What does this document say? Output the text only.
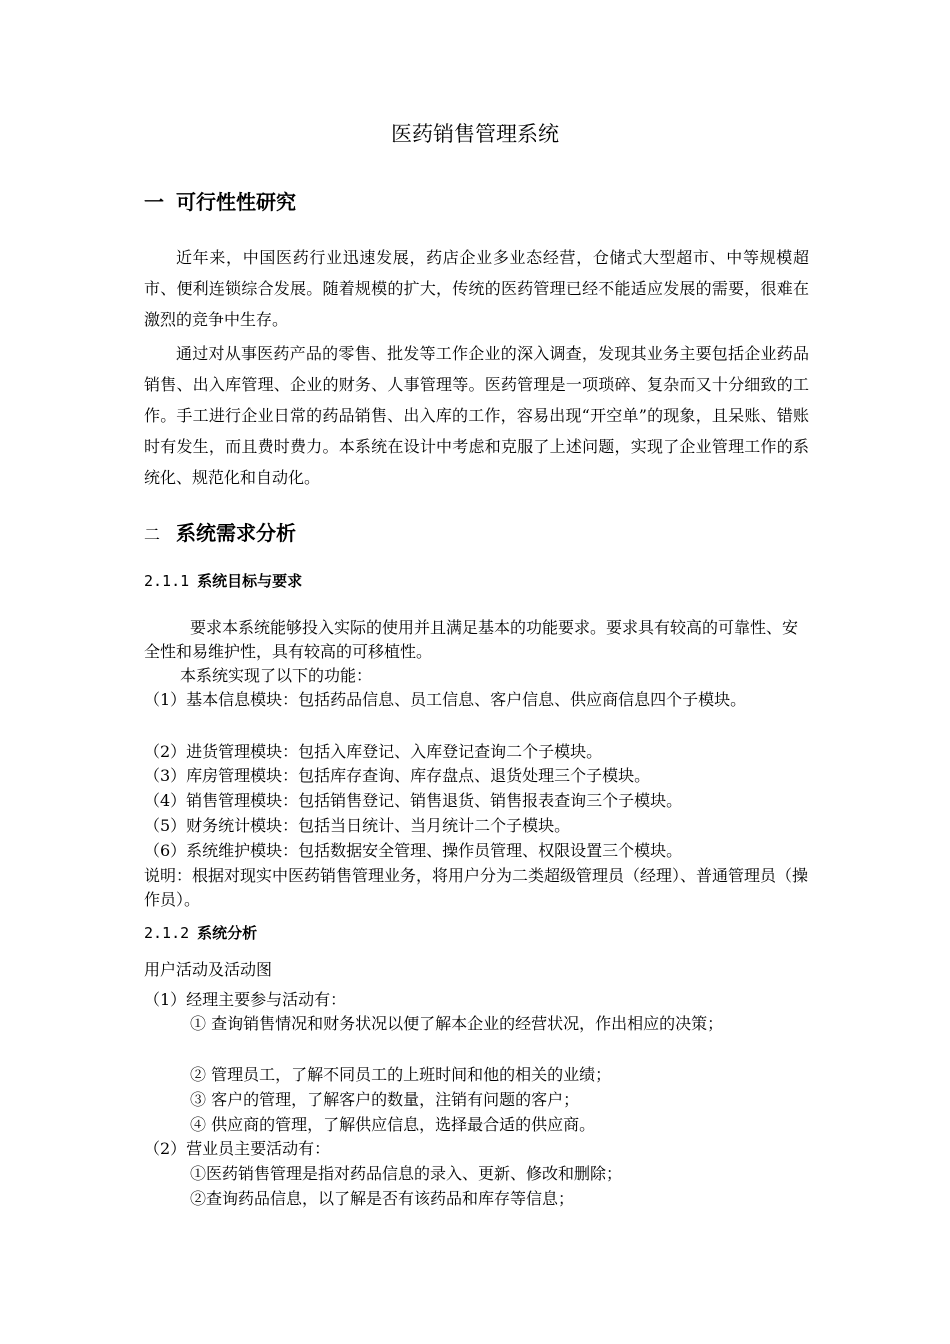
医药销售管理系统
一 可行性性研究
近年来，中国医药行业迅速发展，药店企业多业态经营，仓储式大型超市、中等规模超市、便利连锁综合发展。随着规模的扩大，传统的医药管理已经不能适应发展的需要，很难在激烈的竞争中生存。
通过对从事医药产品的零售、批发等工作企业的深入调查，发现其业务主要包括企业药品销售、出入库管理、企业的财务、人事管理等。医药管理是一项琐碎、复杂而又十分细致的工作。手工进行企业日常的药品销售、出入库的工作，容易出现“开空单”的现象，且呆账、错账时有发生，而且费时费力。本系统在设计中考虑和克服了上述问题，实现了企业管理工作的系统化、规范化和自动化。
二 系统需求分析
2.1.1 系统目标与要求
要求本系统能够投入实际的使用并且满足基本的功能要求。要求具有较高的可靠性、安全性和易维护性，具有较高的可移植性。
本系统实现了以下的功能：
（1）基本信息模块：包括药品信息、员工信息、客户信息、供应商信息四个子模块。
（2）进货管理模块：包括入库登记、入库登记查询二个子模块。
（3）库房管理模块：包括库存查询、库存盘点、退货处理三个子模块。
（4）销售管理模块：包括销售登记、销售退货、销售报表查询三个子模块。
（5）财务统计模块：包括当日统计、当月统计二个子模块。
（6）系统维护模块：包括数据安全管理、操作员管理、权限设置三个模块。
说明：根据对现实中医药销售管理业务，将用户分为二类超级管理员（经理）、普通管理员（操作员）。
2.1.2 系统分析
用户活动及活动图
（1）经理主要参与活动有：
① 查询销售情况和财务状况以便了解本企业的经营状况，作出相应的决策；
② 管理员工，了解不同员工的上班时间和他的相关的业绩；
③ 客户的管理，了解客户的数量，注销有问题的客户；
④ 供应商的管理，了解供应信息，选择最合适的供应商。
（2）营业员主要活动有：
①医药销售管理是指对药品信息的录入、更新、修改和删除；
②查询药品信息，以了解是否有该药品和库存等信息；
